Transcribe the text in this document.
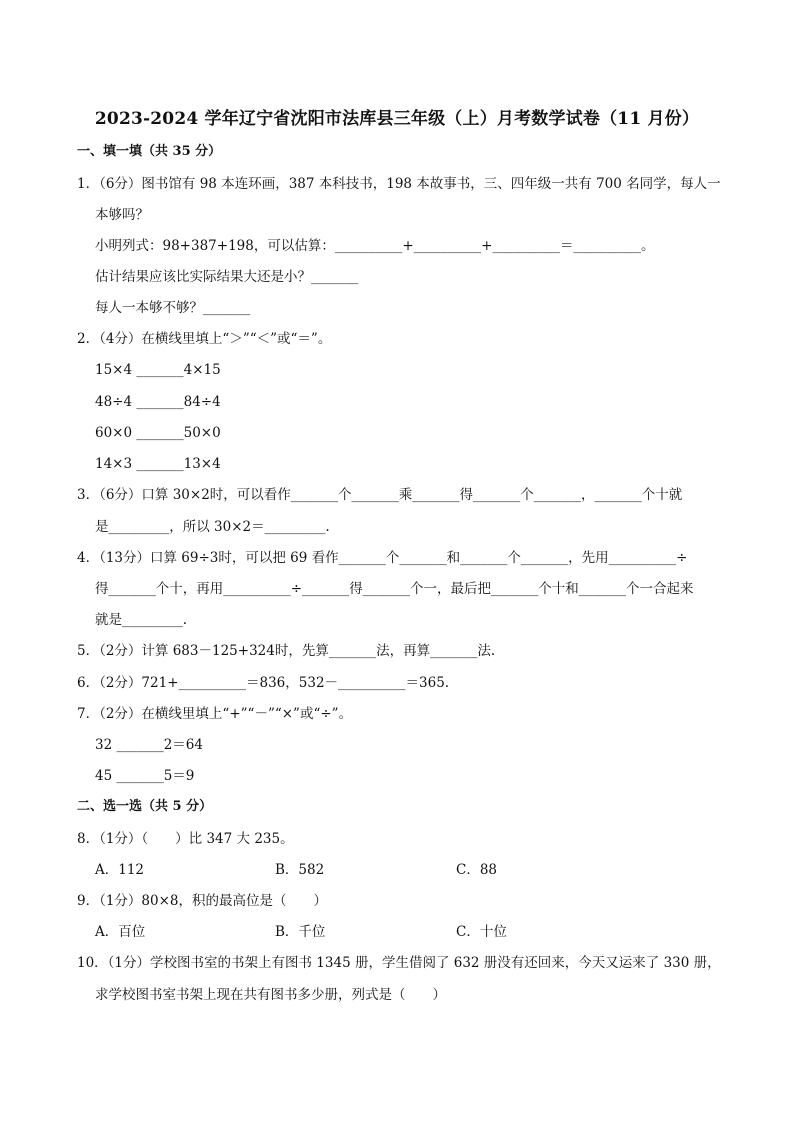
2023-2024 学年辽宁省沈阳市法库县三年级（上）月考数学试卷（11 月份）
一、填一填（共 35 分）
1．（6分）图书馆有 98 本连环画，387 本科技书，198 本故事书，三、四年级一共有 700 名同学，每人一
本够吗？
小明列式：98+387+198，可以估算：__________+__________+__________＝__________。
估计结果应该比实际结果大还是小？_______
每人一本够不够？_______
2．（4分）在横线里填上“＞”“＜”或“＝”。
15×4 _______4×15
48÷4 _______84÷4
60×0 _______50×0
14×3 _______13×4
3．（6分）口算 30×2时，可以看作_______个_______乘_______得_______个_______，_______个十就
是_________，所以 30×2＝_________.
4．（13分）口算 69÷3时，可以把 69 看作_______个_______和_______个_______，先用__________÷
得_______个十，再用__________÷_______得_______个一，最后把_______个十和_______个一合起来
就是_________.
5．（2分）计算 683－125+324时，先算_______法，再算_______法.
6．（2分）721+__________＝836，532－__________＝365.
7．（2分）在横线里填上“+”“－”“×”或“÷”。
32 _______2＝64
45 _______5＝9
二、选一选（共 5 分）
8．（1分）（　　）比 347 大 235。
A．112	B．582	C．88
9．（1分）80×8，积的最高位是（　　）
A．百位	B．千位	C．十位
10．（1分）学校图书室的书架上有图书 1345 册，学生借阅了 632 册没有还回来，今天又运来了 330 册，
求学校图书室书架上现在共有图书多少册，列式是（　　）
